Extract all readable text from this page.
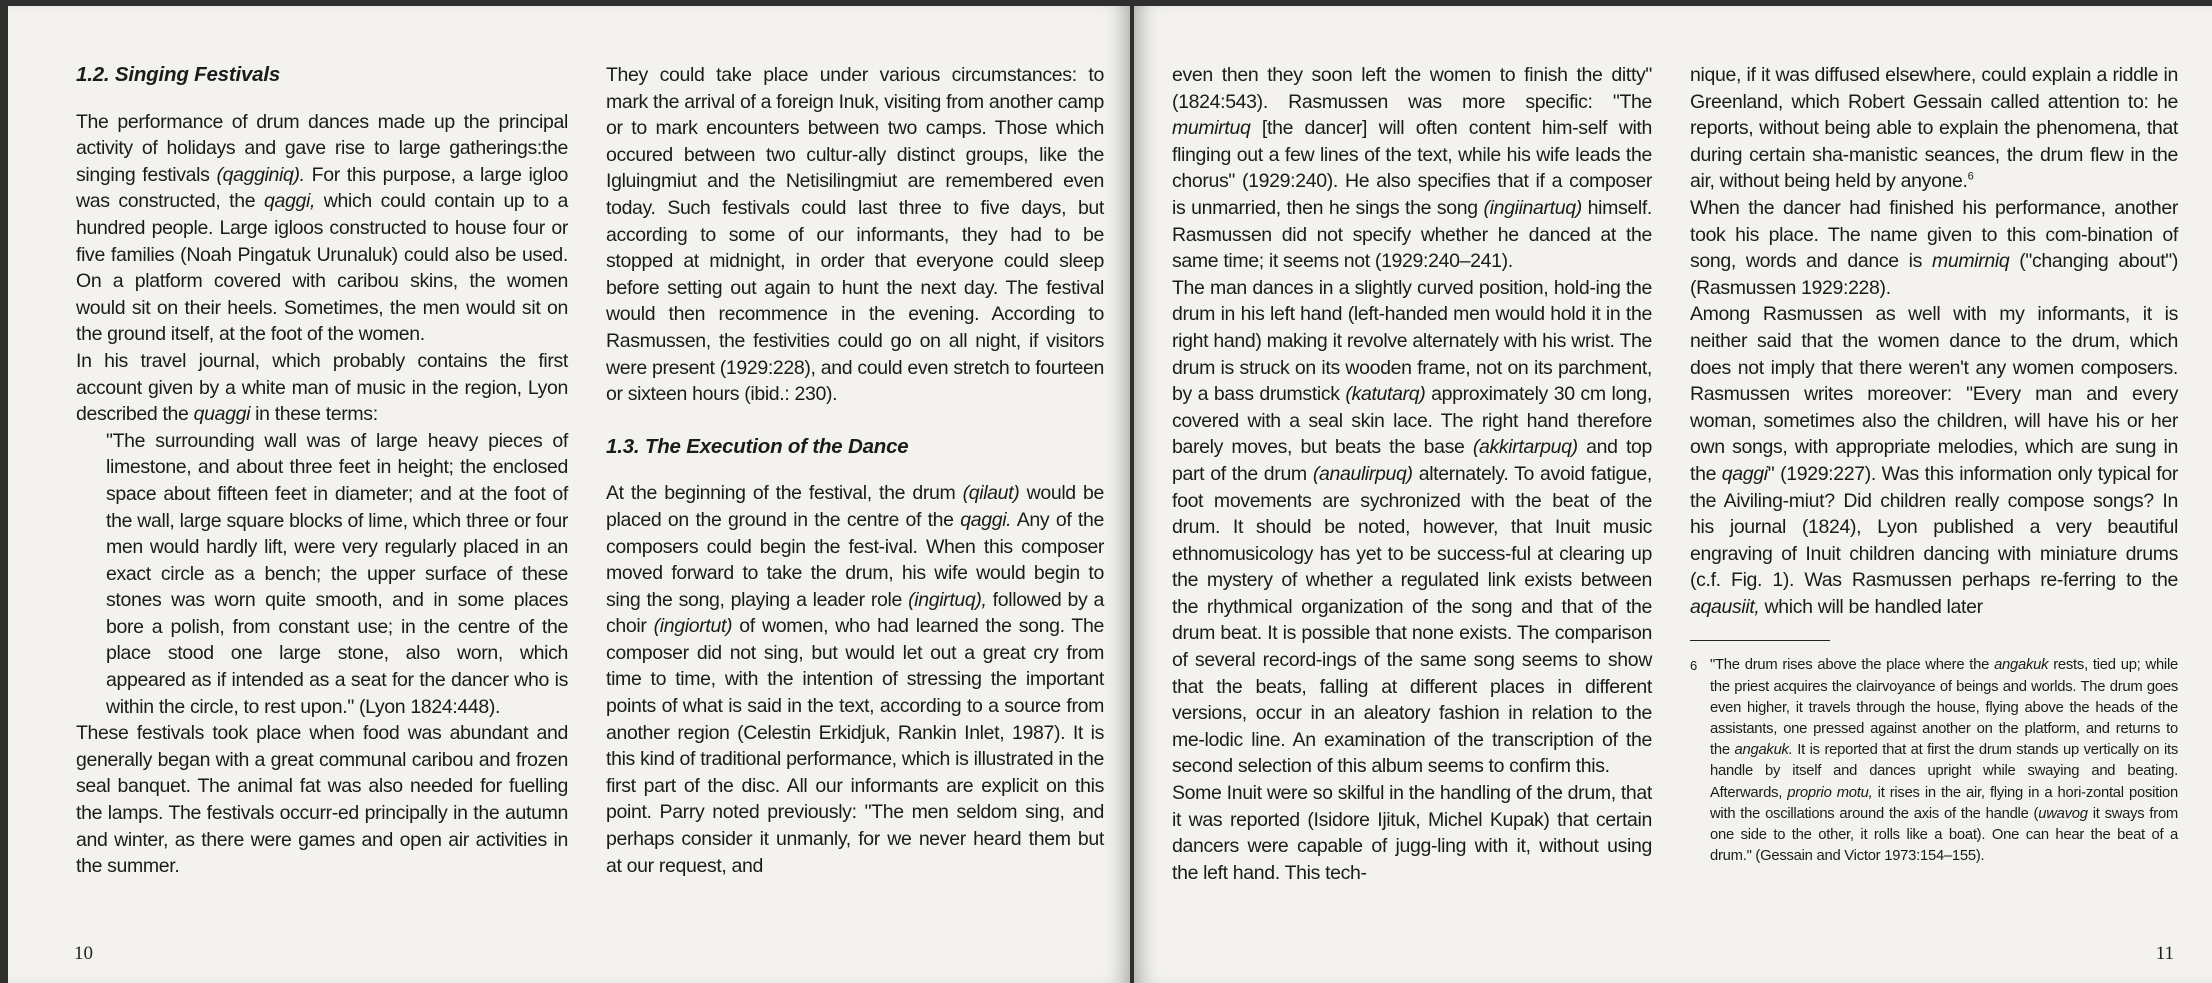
1.2. Singing Festivals

The performance of drum dances made up the principal activity of holidays and gave rise to large gatherings:the singing festivals (qagginiq). For this purpose, a large igloo was constructed, the qaggi, which could contain up to a hundred people. Large igloos constructed to house four or five families (Noah Pingatuk Urunaluk) could also be used. On a platform covered with caribou skins, the women would sit on their heels. Sometimes, the men would sit on the ground itself, at the foot of the women.

In his travel journal, which probably contains the first account given by a white man of music in the region, Lyon described the quaggi in these terms:

"The surrounding wall was of large heavy pieces of limestone, and about three feet in height; the enclosed space about fifteen feet in diameter; and at the foot of the wall, large square blocks of lime, which three or four men would hardly lift, were very regularly placed in an exact circle as a bench; the upper surface of these stones was worn quite smooth, and in some places bore a polish, from constant use; in the centre of the place stood one large stone, also worn, which appeared as if intended as a seat for the dancer who is within the circle, to rest upon." (Lyon 1824:448).

These festivals took place when food was abundant and generally began with a great communal caribou and frozen seal banquet. The animal fat was also needed for fuelling the lamps. The festivals occurr-ed principally in the autumn and winter, as there were games and open air activities in the summer.

They could take place under various circumstances: to mark the arrival of a foreign Inuk, visiting from another camp or to mark encounters between two camps. Those which occured between two cultur-ally distinct groups, like the Igluingmiut and the Netisilingmiut are remembered even today. Such festivals could last three to five days, but according to some of our informants, they had to be stopped at midnight, in order that everyone could sleep before setting out again to hunt the next day. The festival would then recommence in the evening. According to Rasmussen, the festivities could go on all night, if visitors were present (1929:228), and could even stretch to fourteen or sixteen hours (ibid.: 230).

1.3. The Execution of the Dance

At the beginning of the festival, the drum (qilaut) would be placed on the ground in the centre of the qaggi. Any of the composers could begin the fest-ival. When this composer moved forward to take the drum, his wife would begin to sing the song, playing a leader role (ingirtuq), followed by a choir (ingiortut) of women, who had learned the song. The composer did not sing, but would let out a great cry from time to time, with the intention of stressing the important points of what is said in the text, according to a source from another region (Celestin Erkidjuk, Rankin Inlet, 1987). It is this kind of traditional performance, which is illustrated in the first part of the disc. All our informants are explicit on this point. Parry noted previously: "The men seldom sing, and perhaps consider it unmanly, for we never heard them but at our request, and

10

even then they soon left the women to finish the ditty" (1824:543). Rasmussen was more specific: "The mumirtuq [the dancer] will often content him-self with flinging out a few lines of the text, while his wife leads the chorus" (1929:240). He also specifies that if a composer is unmarried, then he sings the song (ingiinartuq) himself. Rasmussen did not specify whether he danced at the same time; it seems not (1929:240–241).

The man dances in a slightly curved position, hold-ing the drum in his left hand (left-handed men would hold it in the right hand) making it revolve alternately with his wrist. The drum is struck on its wooden frame, not on its parchment, by a bass drumstick (katutarq) approximately 30 cm long, covered with a seal skin lace. The right hand therefore barely moves, but beats the base (akkirtarpuq) and top part of the drum (anaulirpuq) alternately. To avoid fatigue, foot movements are sychronized with the beat of the drum. It should be noted, however, that Inuit music ethnomusicology has yet to be success-ful at clearing up the mystery of whether a regulated link exists between the rhythmical organization of the song and that of the drum beat. It is possible that none exists. The comparison of several record-ings of the same song seems to show that the beats, falling at different places in different versions, occur in an aleatory fashion in relation to the me-lodic line. An examination of the transcription of the second selection of this album seems to confirm this.

Some Inuit were so skilful in the handling of the drum, that it was reported (Isidore Ijituk, Michel Kupak) that certain dancers were capable of jugg-ling with it, without using the left hand. This tech-

nique, if it was diffused elsewhere, could explain a riddle in Greenland, which Robert Gessain called attention to: he reports, without being able to explain the phenomena, that during certain sha-manistic seances, the drum flew in the air, without being held by anyone.$^6$

When the dancer had finished his performance, another took his place. The name given to this com-bination of song, words and dance is mumirniq ("changing about") (Rasmussen 1929:228).

Among Rasmussen as well with my informants, it is neither said that the women dance to the drum, which does not imply that there weren't any women composers. Rasmussen writes moreover: "Every man and every woman, sometimes also the children, will have his or her own songs, with appropriate melodies, which are sung in the qaggi" (1929:227). Was this information only typical for the Aiviling-miut? Did children really compose songs? In his journal (1824), Lyon published a very beautiful engraving of Inuit children dancing with miniature drums (c.f. Fig. 1). Was Rasmussen perhaps re-ferring to the aqausiit, which will be handled later

6 "The drum rises above the place where the angakuk rests, tied up; while the priest acquires the clairvoyance of beings and worlds. The drum goes even higher, it travels through the house, flying above the heads of the assistants, one pressed against another on the platform, and returns to the angakuk. It is reported that at first the drum stands up vertically on its handle by itself and dances upright while swaying and beating. Afterwards, proprio motu, it rises in the air, flying in a hori-zontal position with the oscillations around the axis of the handle (uwavog it sways from one side to the other, it rolls like a boat). One can hear the beat of a drum." (Gessain and Victor 1973:154–155).
11
